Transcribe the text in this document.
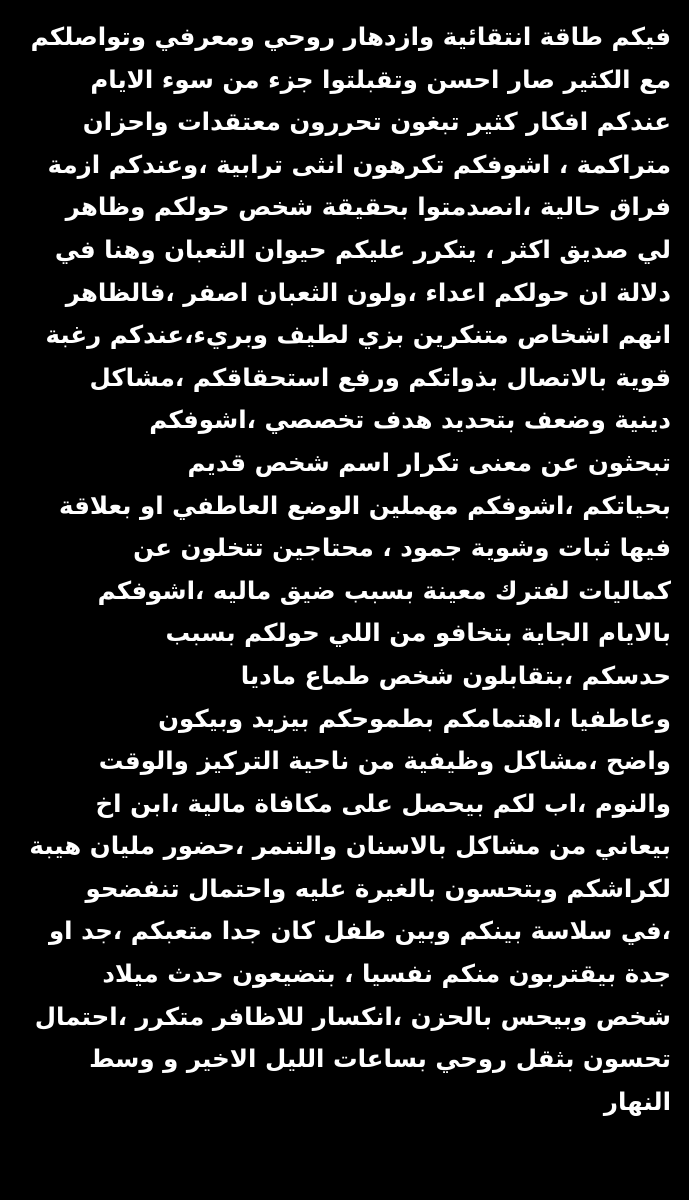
فيكم طاقة انتقائية وازدهار روحي ومعرفي وتواصلكم
مع الكثير صار احسن وتقبلتوا جزء من سوء الايام
عندكم افكار كثير تبغون تحررون معتقدات واحزان
متراكمة ، اشوفكم تكرهون انثى ترابية ،وعندكم ازمة
فراق حالية ،انصدمتوا بحقيقة شخص حولكم وظاهر
لي صديق اكثر ، يتكرر عليكم حيوان الثعبان وهنا في
دلالة ان حولكم اعداء ،ولون الثعبان اصفر ،فالظاهر
انهم اشخاص متنكرين بزي لطيف وبريء،عندكم رغبة
قوية بالاتصال بذواتكم ورفع استحقاقكم ،مشاكل
دينية وضعف بتحديد هدف تخصصي ،اشوفكم
تبحثون عن معنى تكرار اسم شخص قديم
بحياتكم ،اشوفكم مهملين الوضع العاطفي او بعلاقة
فيها ثبات وشوية جمود ، محتاجين تتخلون عن
كماليات لفترك معينة بسبب ضيق ماليه ،اشوفكم
بالايام الجاية بتخافو من اللي حولكم بسبب
حدسكم ،بتقابلون شخص طماع ماديا
وعاطفيا ،اهتمامكم بطموحكم بيزيد وبيكون
واضح ،مشاكل وظيفية من ناحية التركيز والوقت
والنوم ،اب لكم بيحصل على مكافاة مالية ،ابن اخ
بيعاني من مشاكل بالاسنان والتنمر ،حضور مليان هيبة
لكراشكم وبتحسون بالغيرة عليه واحتمال تنفضحو
،في سلاسة بينكم وبين طفل كان جدا متعبكم ،جد او
جدة بيقتربون منكم نفسيا ، بتضيعون حدث ميلاد
شخص وبيحس بالحزن ،انكسار للاظافر متكرر ،احتمال
تحسون بثقل روحي بساعات الليل الاخير و وسط
النهار
